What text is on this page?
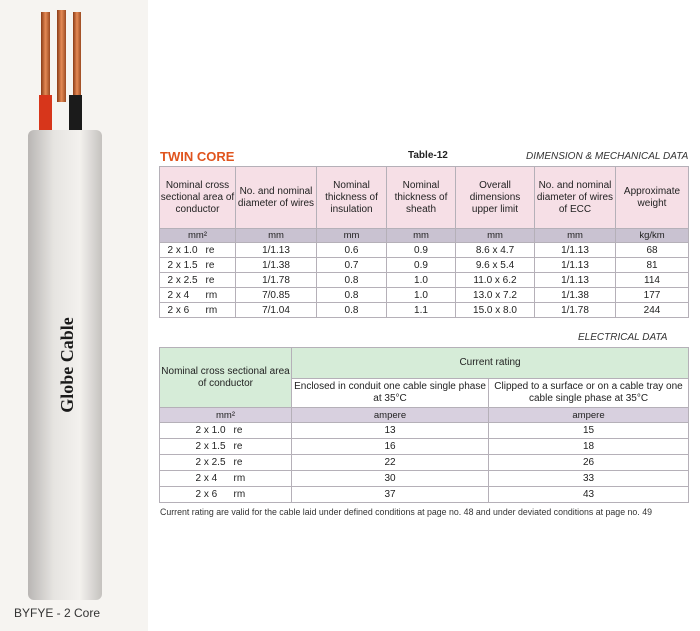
Globe Cable
BYFYE - 2 Core
TWIN CORE	Table-12	DIMENSION & MECHANICAL DATA
Nominal cross sectional area of conductor	No. and nominal diameter of wires	Nominal thickness of insulation	Nominal thickness of sheath	Overall dimensions upper limit	No. and nominal diameter of wires of ECC	Approximate weight
mm²	mm	mm	mm	mm	mm	kg/km
2 x 1.0 re	1/1.13	0.6	0.9	8.6 x 4.7	1/1.13	68
2 x 1.5 re	1/1.38	0.7	0.9	9.6 x 5.4	1/1.13	81
2 x 2.5 re	1/1.78	0.8	1.0	11.0 x 6.2	1/1.13	114
2 x 4 rm	7/0.85	0.8	1.0	13.0 x 7.2	1/1.38	177
2 x 6 rm	7/1.04	0.8	1.1	15.0 x 8.0	1/1.78	244
ELECTRICAL DATA
Nominal cross sectional area of conductor	Current rating	
	Enclosed in conduit one cable single phase at 35°C	Clipped to a surface or on a cable tray one cable single phase at 35°C
mm²	ampere	ampere
2 x 1.0 re	13	15
2 x 1.5 re	16	18
2 x 2.5 re	22	26
2 x 4 rm	30	33
2 x 6 rm	37	43
Current rating are valid for the cable laid under defined conditions at page no. 48 and under deviated conditions at page no. 49
